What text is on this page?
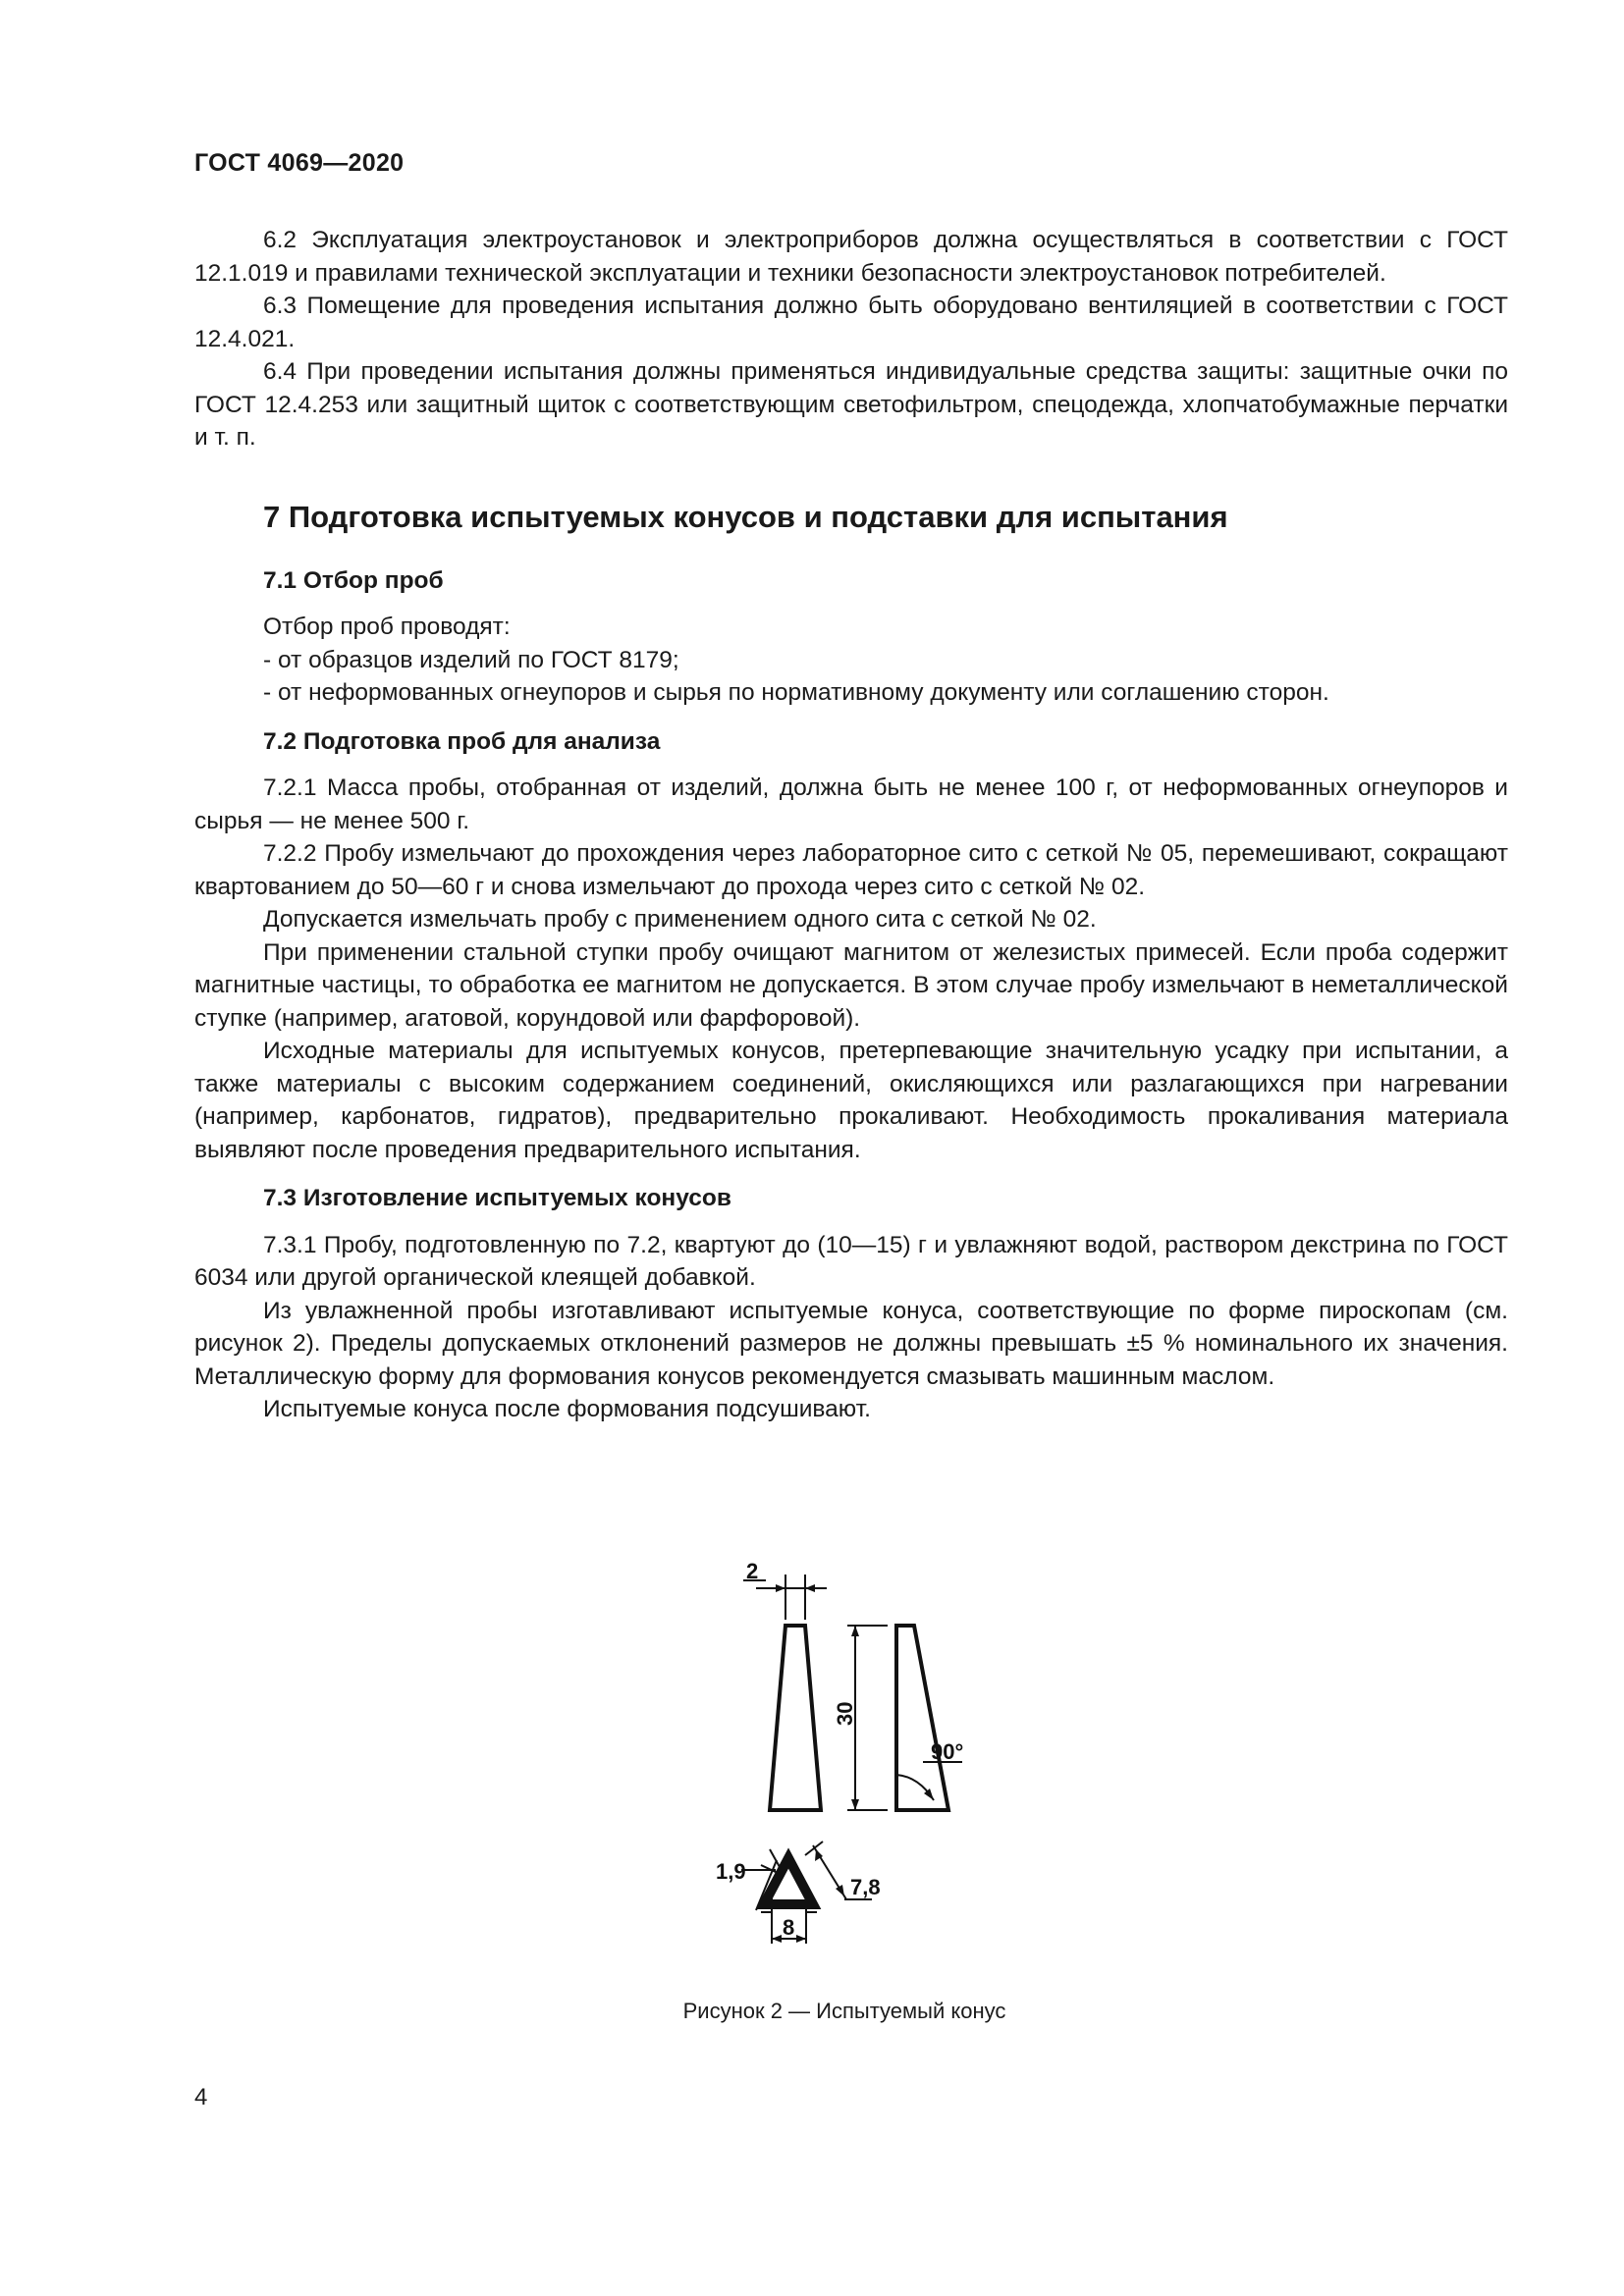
ГОСТ 4069—2020

6.2 Эксплуатация электроустановок и электроприборов должна осуществляться в соответствии с ГОСТ 12.1.019 и правилами технической эксплуатации и техники безопасности электроустановок потребителей.

6.3 Помещение для проведения испытания должно быть оборудовано вентиляцией в соответствии с ГОСТ 12.4.021.

6.4 При проведении испытания должны применяться индивидуальные средства защиты: защитные очки по ГОСТ 12.4.253 или защитный щиток с соответствующим светофильтром, спецодежда, хлопчатобумажные перчатки и т. п.

7 Подготовка испытуемых конусов и подставки для испытания
7.1 Отбор проб

Отбор проб проводят:

- от образцов изделий по ГОСТ 8179;

- от неформованных огнеупоров и сырья по нормативному документу или соглашению сторон.

7.2 Подготовка проб для анализа

7.2.1 Масса пробы, отобранная от изделий, должна быть не менее 100 г, от неформованных огнеупоров и сырья — не менее 500 г.

7.2.2 Пробу измельчают до прохождения через лабораторное сито с сеткой № 05, перемешивают, сокращают квартованием до 50—60 г и снова измельчают до прохода через сито с сеткой № 02.

Допускается измельчать пробу с применением одного сита с сеткой № 02.

При применении стальной ступки пробу очищают магнитом от железистых примесей. Если проба содержит магнитные частицы, то обработка ее магнитом не допускается. В этом случае пробу измельчают в неметаллической ступке (например, агатовой, корундовой или фарфоровой).

Исходные материалы для испытуемых конусов, претерпевающие значительную усадку при испытании, а также материалы с высоким содержанием соединений, окисляющихся или разлагающихся при нагревании (например, карбонатов, гидратов), предварительно прокаливают. Необходимость прокаливания материала выявляют после проведения предварительного испытания.

7.3 Изготовление испытуемых конусов

7.3.1 Пробу, подготовленную по 7.2, квартуют до (10—15) г и увлажняют водой, раствором декстрина по ГОСТ 6034 или другой органической клеящей добавкой.

Из увлажненной пробы изготавливают испытуемые конуса, соответствующие по форме пироскопам (см. рисунок 2). Пределы допускаемых отклонений размеров не должны превышать ±5 % номинального их значения. Металлическую форму для формования конусов рекомендуется смазывать машинным маслом.

Испытуемые конуса после формования подсушивают.

2
30
90°
1,9
7,8
8
Рисунок 2 — Испытуемый конус
4
